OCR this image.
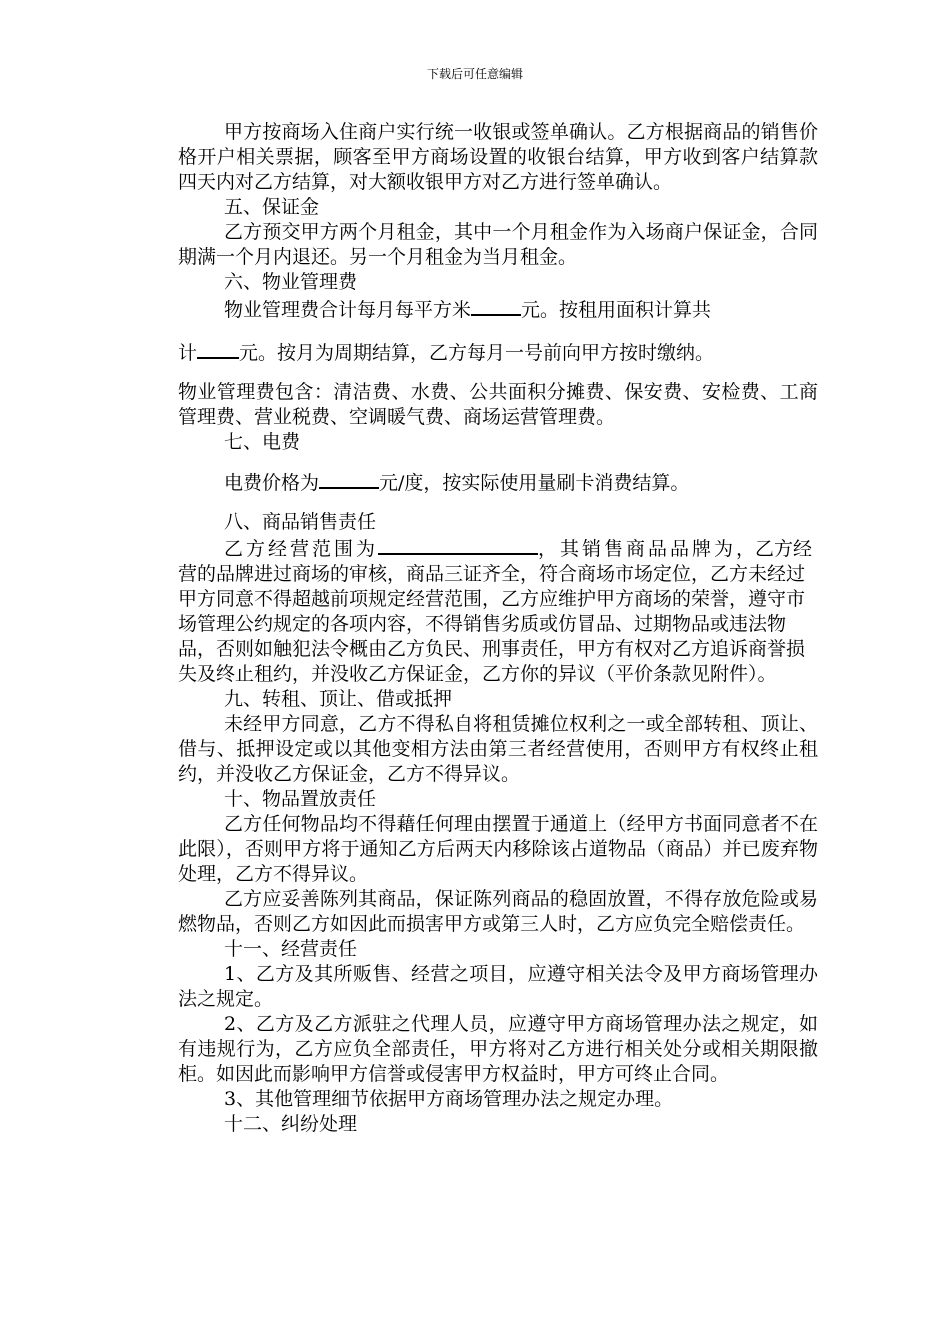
下载后可任意编辑

甲方按商场入住商户实行统一收银或签单确认。乙方根据商品的销售价格开户相关票据，顾客至甲方商场设置的收银台结算，甲方收到客户结算款四天内对乙方结算，对大额收银甲方对乙方进行签单确认。

五、保证金

乙方预交甲方两个月租金，其中一个月租金作为入场商户保证金，合同期满一个月内退还。另一个月租金为当月租金。

六、物业管理费

物业管理费合计每月每平方米	元。按租用面积计算共

计 元。按月为周期结算，乙方每月一号前向甲方按时缴纳。

物业管理费包含：清洁费、水费、公共面积分摊费、保安费、安检费、工商管理费、营业税费、空调暖气费、商场运营管理费。

七、电费

电费价格为	元/度，按实际使用量刷卡消费结算。

八、商品销售责任

乙方经营范围为	，其销售商品品牌为，乙方经营的品牌进过商场的审核，商品三证齐全，符合商场市场定位，乙方未经过甲方同意不得超越前项规定经营范围，乙方应维护甲方商场的荣誉，遵守市场管理公约规定的各项内容，不得销售劣质或仿冒品、过期物品或违法物品，否则如触犯法令概由乙方负民、刑事责任，甲方有权对乙方追诉商誉损失及终止租约，并没收乙方保证金，乙方你的异议（平价条款见附件）。

九、转租、顶让、借或抵押

未经甲方同意，乙方不得私自将租赁摊位权利之一或全部转租、顶让、借与、抵押设定或以其他变相方法由第三者经营使用，否则甲方有权终止租约，并没收乙方保证金，乙方不得异议。

十、物品置放责任

乙方任何物品均不得藉任何理由摆置于通道上（经甲方书面同意者不在此限），否则甲方将于通知乙方后两天内移除该占道物品（商品）并已废弃物处理，乙方不得异议。

乙方应妥善陈列其商品，保证陈列商品的稳固放置，不得存放危险或易燃物品，否则乙方如因此而损害甲方或第三人时，乙方应负完全赔偿责任。

十一、经营责任

1、乙方及其所贩售、经营之项目，应遵守相关法令及甲方商场管理办法之规定。

2、乙方及乙方派驻之代理人员，应遵守甲方商场管理办法之规定，如有违规行为，乙方应负全部责任，甲方将对乙方进行相关处分或相关期限撤柜。如因此而影响甲方信誉或侵害甲方权益时，甲方可终止合同。

3、其他管理细节依据甲方商场管理办法之规定办理。

十二、纠纷处理
